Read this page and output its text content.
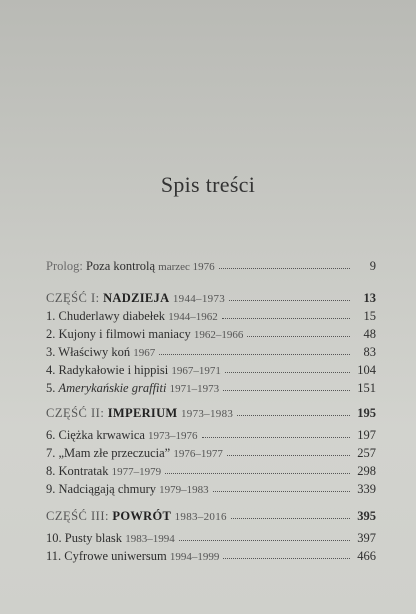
Spis treści
Prolog: Poza kontrolą marzec 1976	9
CZĘŚĆ I: NADZIEJA 1944–1973	13
1. Chuderlawy diabełek 1944–1962	15
2. Kujony i filmowi maniacy 1962–1966	48
3. Właściwy koń 1967	83
4. Radykałowie i hippisi 1967–1971	104
5. Amerykańskie graffiti 1971–1973	151
CZĘŚĆ II: IMPERIUM 1973–1983	195
6. Ciężka krwawica 1973–1976	197
7. „Mam złe przeczucia” 1976–1977	257
8. Kontratak 1977–1979	298
9. Nadciągają chmury 1979–1983	339
CZĘŚĆ III: POWRÓT 1983–2016	395
10. Pusty blask 1983–1994	397
11. Cyfrowe uniwersum 1994–1999	466
